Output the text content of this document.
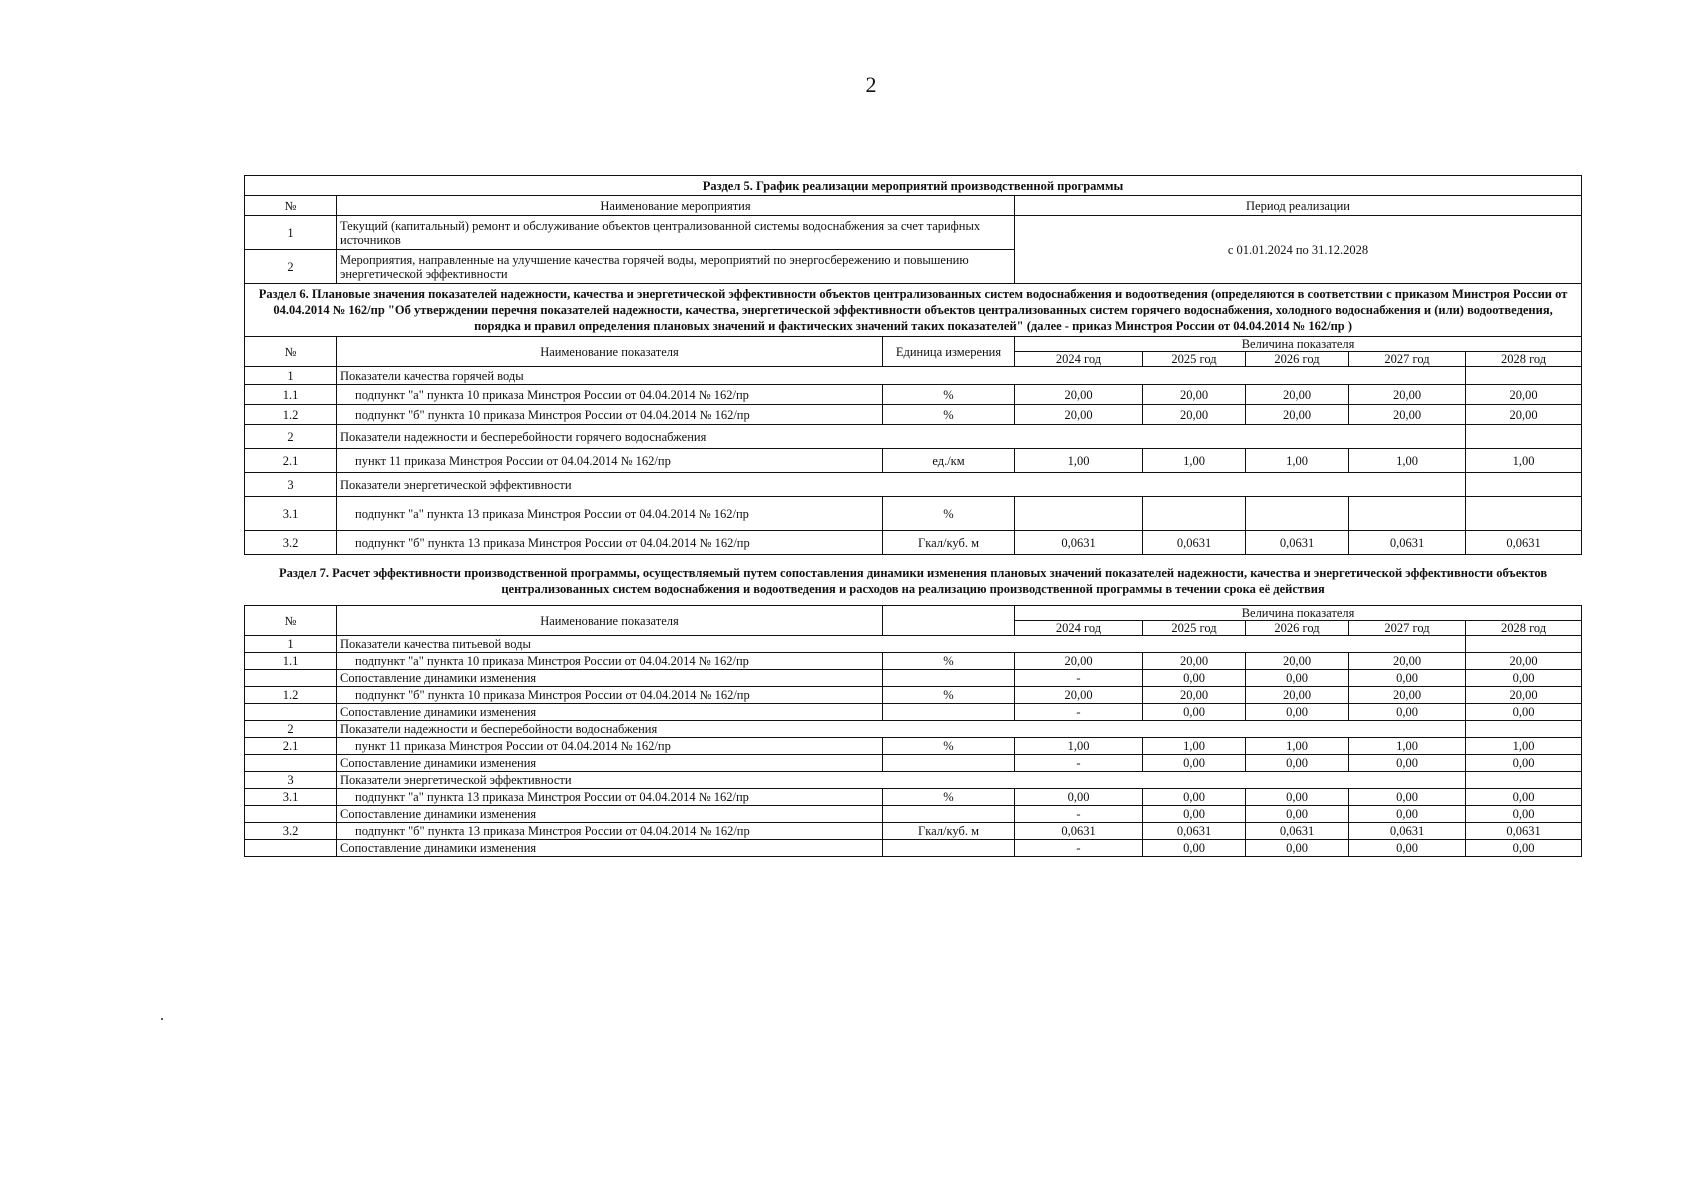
2
Раздел 5. График реализации мероприятий производственной программы		
№	Наименование мероприятия	Период реализации
1	Текущий (капитальный) ремонт и обслуживание объектов централизованной системы водоснабжения за счет тарифных источников	с 01.01.2024 по 31.12.2028
2	Мероприятия, направленные на улучшение качества горячей воды, мероприятий по энергосбережению и повышению энергетической эффективности	
Раздел 6. Плановые значения показателей надежности, качества и энергетической эффективности объектов централизованных систем водоснабжения и водоотведения (определяются в соответствии с приказом Минстроя России от 04.04.2014 № 162/пр "Об утверждении перечня показателей надежности, качества, энергетической эффективности объектов централизованных систем горячего водоснабжения, холодного водоснабжения и (или) водоотведения, порядка и правил определения плановых значений и фактических значений таких показателей" (далее - приказ Минстроя России от 04.04.2014 № 162/пр )							
№	Наименование показателя	Единица измерения	Величина показателя				
			2024 год	2025 год	2026 год	2027 год	2028 год
1	Показатели качества горячей воды						
1.1	подпункт "а" пункта 10 приказа Минстроя России от 04.04.2014 № 162/пр	%	20,00	20,00	20,00	20,00	20,00
1.2	подпункт "б" пункта 10 приказа Минстроя России от 04.04.2014 № 162/пр	%	20,00	20,00	20,00	20,00	20,00
2	Показатели надежности и бесперебойности горячего водоснабжения						
2.1	пункт 11 приказа Минстроя России от 04.04.2014 № 162/пр	ед./км	1,00	1,00	1,00	1,00	1,00
3	Показатели энергетической эффективности						
3.1	подпункт "а" пункта 13 приказа Минстроя России от 04.04.2014 № 162/пр	%					
3.2	подпункт "б" пункта 13 приказа Минстроя России от 04.04.2014 № 162/пр	Гкал/куб. м	0,0631	0,0631	0,0631	0,0631	0,0631
Раздел 7. Расчет эффективности производственной программы, осуществляемый путем сопоставления динамики изменения плановых значений показателей надежности, качества и энергетической эффективности объектов централизованных систем водоснабжения и водоотведения и расходов на реализацию производственной программы в течении срока её действия							
№	Наименование показателя		Величина показателя				
			2024 год	2025 год	2026 год	2027 год	2028 год
1	Показатели качества питьевой воды						
1.1	подпункт "а" пункта 10 приказа Минстроя России от 04.04.2014 № 162/пр	%	20,00	20,00	20,00	20,00	20,00
	Сопоставление динамики изменения		-	0,00	0,00	0,00	0,00
1.2	подпункт "б" пункта 10 приказа Минстроя России от 04.04.2014 № 162/пр	%	20,00	20,00	20,00	20,00	20,00
	Сопоставление динамики изменения		-	0,00	0,00	0,00	0,00
2	Показатели надежности и бесперебойности водоснабжения						
2.1	пункт 11 приказа Минстроя России от 04.04.2014 № 162/пр	%	1,00	1,00	1,00	1,00	1,00
	Сопоставление динамики изменения		-	0,00	0,00	0,00	0,00
3	Показатели энергетической эффективности						
3.1	подпункт "а" пункта 13 приказа Минстроя России от 04.04.2014 № 162/пр	%	0,00	0,00	0,00	0,00	0,00
	Сопоставление динамики изменения		-	0,00	0,00	0,00	0,00
3.2	подпункт "б" пункта 13 приказа Минстроя России от 04.04.2014 № 162/пр	Гкал/куб. м	0,0631	0,0631	0,0631	0,0631	0,0631
	Сопоставление динамики изменения		-	0,00	0,00	0,00	0,00
